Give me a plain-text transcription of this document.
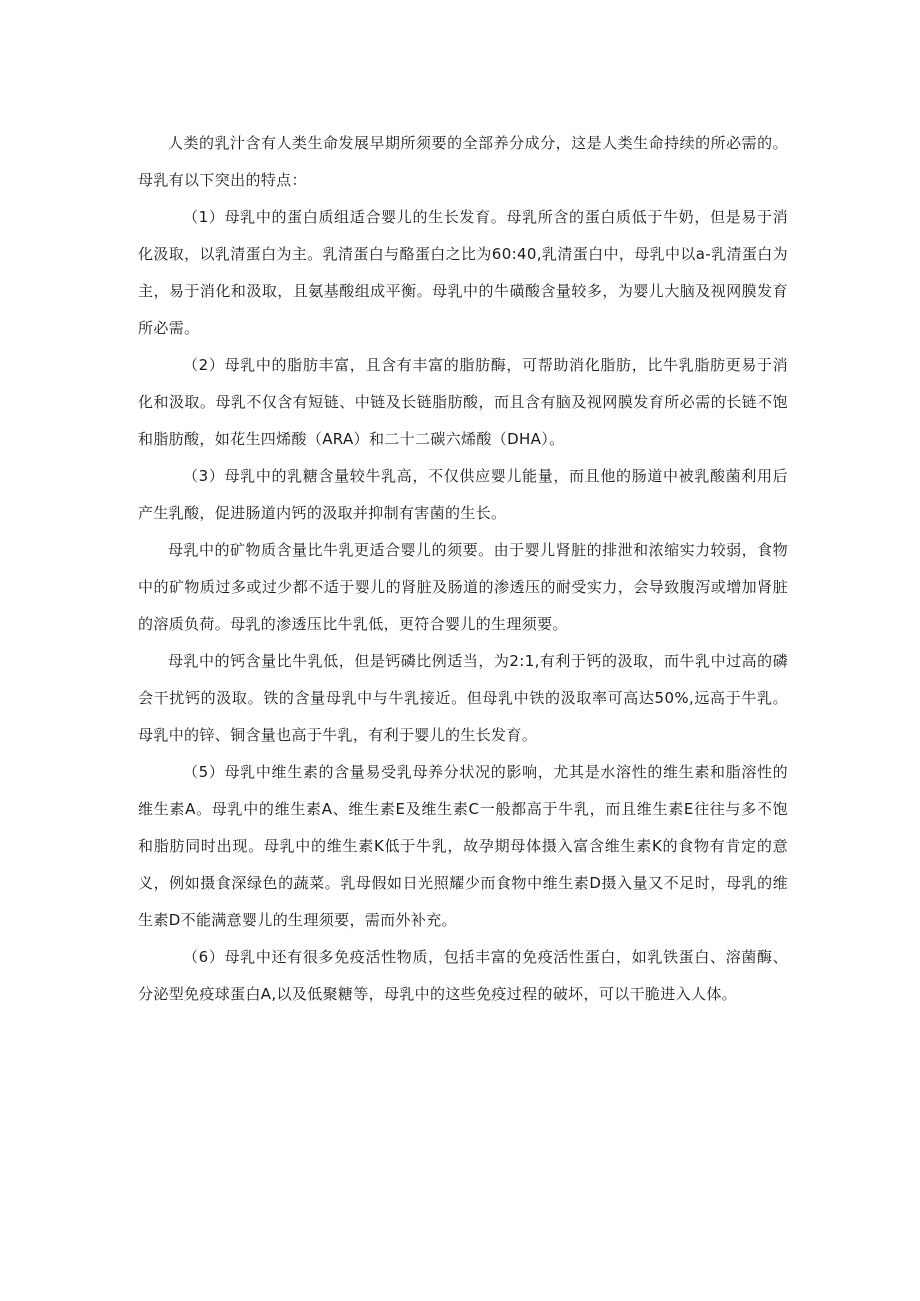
人类的乳汁含有人类生命发展早期所须要的全部养分成分，这是人类生命持续的所必需的。母乳有以下突出的特点：

（1）母乳中的蛋白质组适合婴儿的生长发育。母乳所含的蛋白质低于牛奶，但是易于消化汲取，以乳清蛋白为主。乳清蛋白与酪蛋白之比为60:40,乳清蛋白中，母乳中以a-乳清蛋白为主，易于消化和汲取，且氨基酸组成平衡。母乳中的牛磺酸含量较多，为婴儿大脑及视网膜发育所必需。

（2）母乳中的脂肪丰富，且含有丰富的脂肪酶，可帮助消化脂肪，比牛乳脂肪更易于消化和汲取。母乳不仅含有短链、中链及长链脂肪酸，而且含有脑及视网膜发育所必需的长链不饱和脂肪酸，如花生四烯酸（ARA）和二十二碳六烯酸（DHA）。

（3）母乳中的乳糖含量较牛乳高，不仅供应婴儿能量，而且他的肠道中被乳酸菌利用后产生乳酸，促进肠道内钙的汲取并抑制有害菌的生长。

母乳中的矿物质含量比牛乳更适合婴儿的须要。由于婴儿肾脏的排泄和浓缩实力较弱，食物中的矿物质过多或过少都不适于婴儿的肾脏及肠道的渗透压的耐受实力，会导致腹泻或增加肾脏的溶质负荷。母乳的渗透压比牛乳低，更符合婴儿的生理须要。

母乳中的钙含量比牛乳低，但是钙磷比例适当，为2:1,有利于钙的汲取，而牛乳中过高的磷会干扰钙的汲取。铁的含量母乳中与牛乳接近。但母乳中铁的汲取率可高达50%,远高于牛乳。母乳中的锌、铜含量也高于牛乳，有利于婴儿的生长发育。

（5）母乳中维生素的含量易受乳母养分状况的影响，尤其是水溶性的维生素和脂溶性的维生素A。母乳中的维生素A、维生素E及维生素C一般都高于牛乳，而且维生素E往往与多不饱和脂肪同时出现。母乳中的维生素K低于牛乳，故孕期母体摄入富含维生素K的食物有肯定的意义，例如摄食深绿色的蔬菜。乳母假如日光照耀少而食物中维生素D摄入量又不足时，母乳的维生素D不能满意婴儿的生理须要，需而外补充。

（6）母乳中还有很多免疫活性物质，包括丰富的免疫活性蛋白，如乳铁蛋白、溶菌酶、分泌型免疫球蛋白A,以及低聚糖等，母乳中的这些免疫过程的破坏，可以干脆进入人体。
